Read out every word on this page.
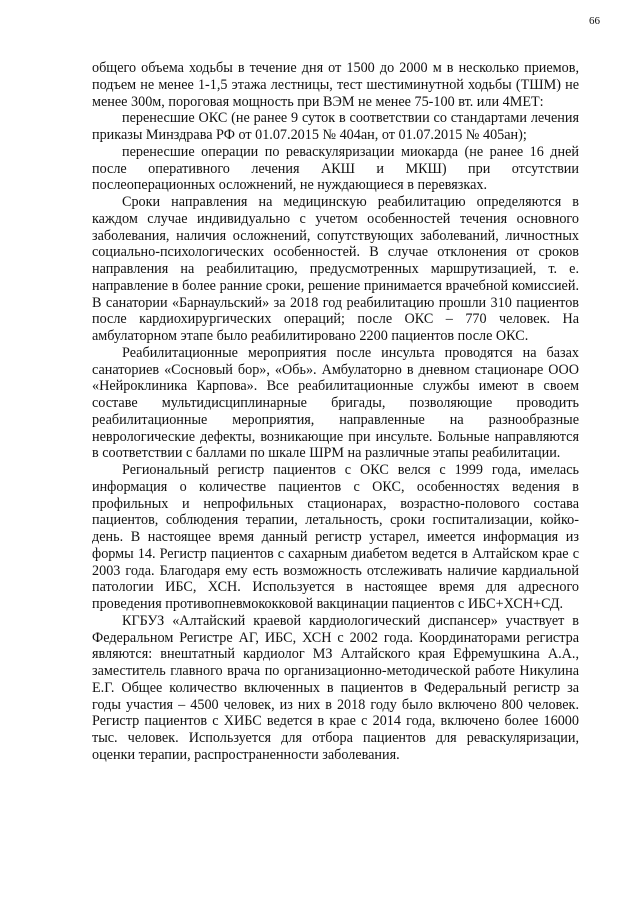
66

общего объема ходьбы в течение дня от 1500 до 2000 м в несколько приемов, подъем не менее 1-1,5 этажа лестницы, тест шестиминутной ходьбы (ТШМ) не менее 300м, пороговая мощность при ВЭМ не менее 75-100 вт. или 4МЕТ:

перенесшие ОКС (не ранее 9 суток в соответствии со стандартами лечения приказы Минздрава РФ от 01.07.2015 № 404ан, от 01.07.2015 № 405ан);

перенесшие операции по реваскуляризации миокарда (не ранее 16 дней после оперативного лечения АКШ и МКШ) при отсутствии послеоперационных осложнений, не нуждающиеся в перевязках.

Сроки направления на медицинскую реабилитацию определяются в каждом случае индивидуально с учетом особенностей течения основного заболевания, наличия осложнений, сопутствующих заболеваний, личностных социально-психологических особенностей. В случае отклонения от сроков направления на реабилитацию, предусмотренных маршрутизацией, т. е. направление в более ранние сроки, решение принимается врачебной комиссией. В санатории «Барнаульский» за 2018 год реабилитацию прошли 310 пациентов после кардиохирургических операций; после ОКС – 770 человек. На амбулаторном этапе было реабилитировано 2200 пациентов после ОКС.

Реабилитационные мероприятия после инсульта проводятся на базах санаториев «Сосновый бор», «Обь». Амбулаторно в дневном стационаре ООО «Нейроклиника Карпова». Все реабилитационные службы имеют в своем составе мультидисциплинарные бригады, позволяющие проводить реабилитационные мероприятия, направленные на разнообразные неврологические дефекты, возникающие при инсульте. Больные направляются в соответствии с баллами по шкале ШРМ на различные этапы реабилитации.

Региональный регистр пациентов с ОКС велся с 1999 года, имелась информация о количестве пациентов с ОКС, особенностях ведения в профильных и непрофильных стационарах, возрастно-полового состава пациентов, соблюдения терапии, летальность, сроки госпитализации, койко-день. В настоящее время данный регистр устарел, имеется информация из формы 14. Регистр пациентов с сахарным диабетом ведется в Алтайском крае с 2003 года. Благодаря ему есть возможность отслеживать наличие кардиальной патологии ИБС, ХСН. Используется в настоящее время для адресного проведения противопневмококковой вакцинации пациентов с ИБС+ХСН+СД.

КГБУЗ «Алтайский краевой кардиологический диспансер» участвует в Федеральном Регистре АГ, ИБС, ХСН с 2002 года. Координаторами регистра являются: внештатный кардиолог МЗ Алтайского края Ефремушкина А.А., заместитель главного врача по организационно-методической работе Никулина Е.Г. Общее количество включенных в пациентов в Федеральный регистр за годы участия – 4500 человек, из них в 2018 году было включено 800 человек. Регистр пациентов с ХИБС ведется в крае с 2014 года, включено более 16000 тыс. человек. Используется для отбора пациентов для реваскуляризации, оценки терапии, распространенности заболевания.
